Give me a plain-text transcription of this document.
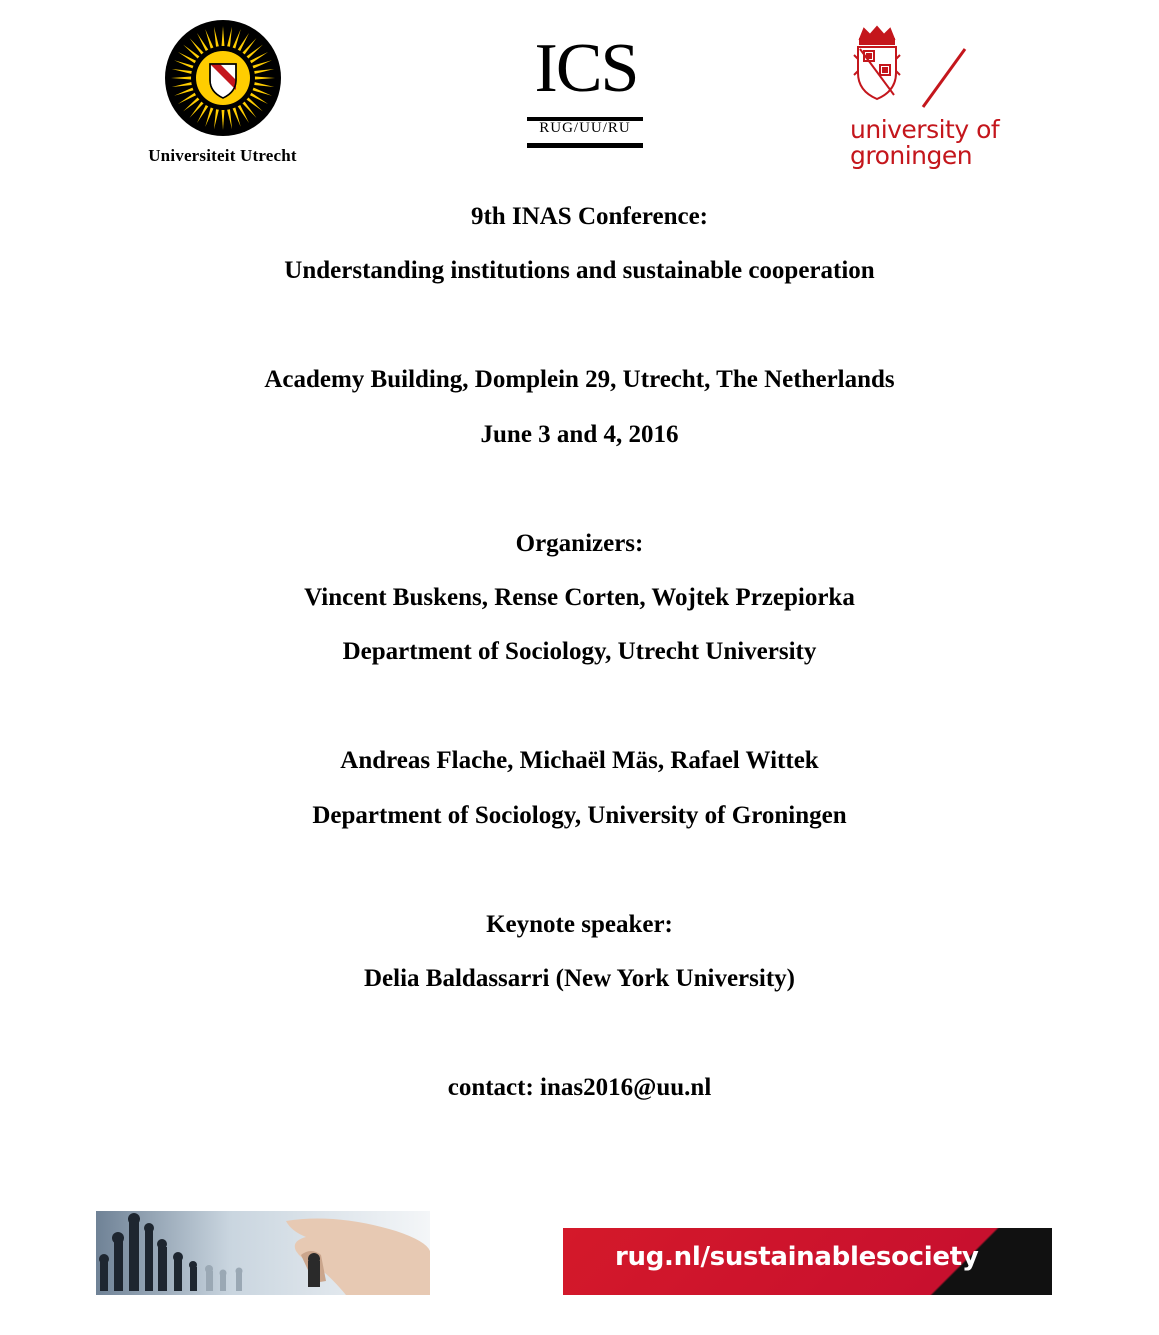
Universiteit Utrecht
ICS
RUG/UU/RU	university of
groningen
9th INAS Conference:
Understanding institutions and sustainable cooperation
Academy Building, Domplein 29, Utrecht, The Netherlands
June 3 and 4, 2016
Organizers:
Vincent Buskens, Rense Corten, Wojtek Przepiorka
Department of Sociology, Utrecht University
Andreas Flache, Michaël Mäs, Rafael Wittek
Department of Sociology, University of Groningen
Keynote speaker:
Delia Baldassarri (New York University)
contact: inas2016@uu.nl
rug.nl/sustainablesociety
